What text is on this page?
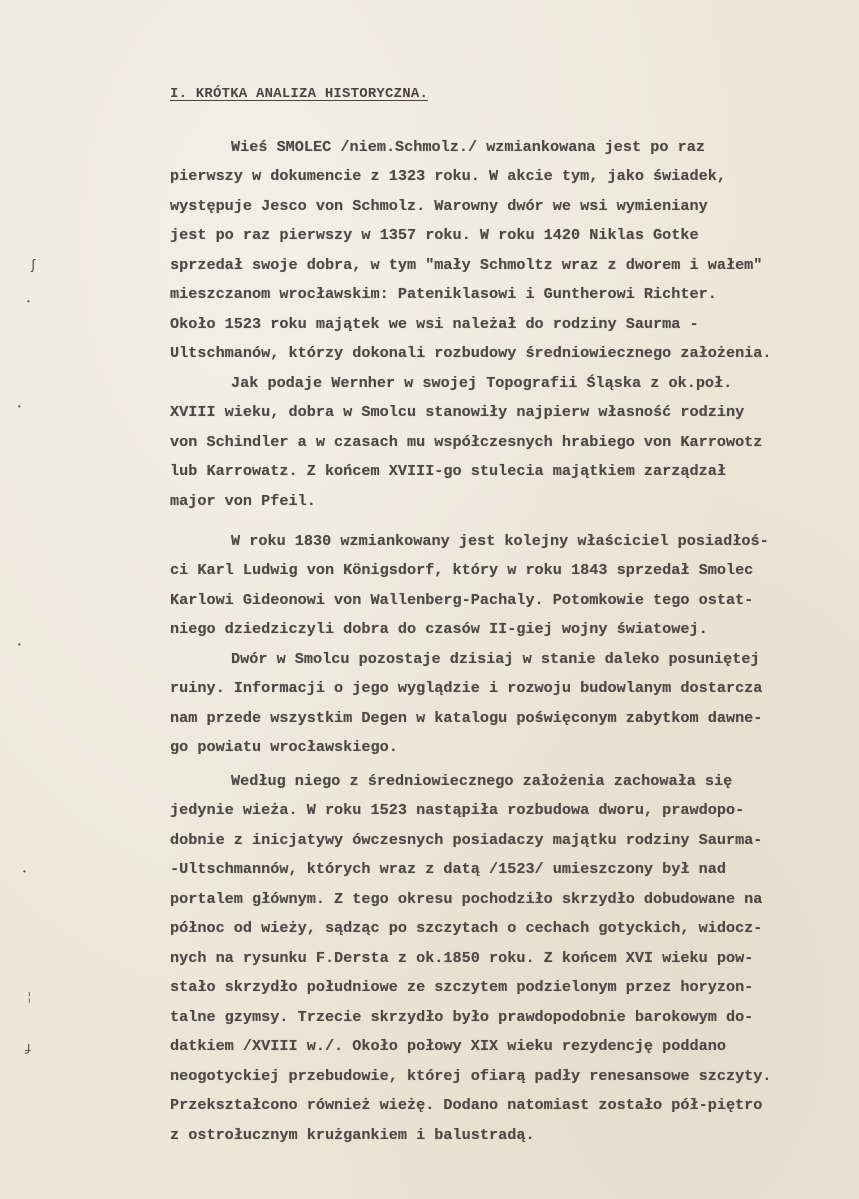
I. KRÓTKA ANALIZA HISTORYCZNA.
Wieś SMOLEC /niem.Schmolz./ wzmiankowana jest po raz
pierwszy w dokumencie z 1323 roku. W akcie tym, jako świadek,
występuje Jesco von Schmolz. Warowny dwór we wsi wymieniany
jest po raz pierwszy w 1357 roku. W roku 1420 Niklas Gotke
sprzedał swoje dobra, w tym "mały Schmoltz wraz z dworem i wałem"
mieszczanom wrocławskim: Pateniklasowi i Guntherowi Richter.
Około 1523 roku majątek we wsi należał do rodziny Saurma -
Ultschmanów, którzy dokonali rozbudowy średniowiecznego założenia.
Jak podaje Wernher w swojej Topografii Śląska z ok.poł.
XVIII wieku, dobra w Smolcu stanowiły najpierw własność rodziny
von Schindler a w czasach mu współczesnych hrabiego von Karrowotz
lub Karrowatz. Z końcem XVIII-go stulecia majątkiem zarządzał
major von Pfeil.
W roku 1830 wzmiankowany jest kolejny właściciel posiadłoś-
ci Karl Ludwig von Königsdorf, który w roku 1843 sprzedał Smolec
Karlowi Gideonowi von Wallenberg-Pachaly. Potomkowie tego ostat-
niego dziedziczyli dobra do czasów II-giej wojny światowej.
Dwór w Smolcu pozostaje dzisiaj w stanie daleko posuniętej
ruiny. Informacji o jego wyglądzie i rozwoju budowlanym dostarcza
nam przede wszystkim Degen w katalogu poświęconym zabytkom dawne-
go powiatu wrocławskiego.
Według niego z średniowiecznego założenia zachowała się
jedynie wieża. W roku 1523 nastąpiła rozbudowa dworu, prawdopo-
dobnie z inicjatywy ówczesnych posiadaczy majątku rodziny Saurma-
-Ultschmannów, których wraz z datą /1523/ umieszczony był nad
portalem głównym. Z tego okresu pochodziło skrzydło dobudowane na
północ od wieży, sądząc po szczytach o cechach gotyckich, widocz-
nych na rysunku F.Dersta z ok.1850 roku. Z końcem XVI wieku pow-
stało skrzydło południowe ze szczytem podzielonym przez horyzon-
talne gzymsy. Trzecie skrzydło było prawdopodobnie barokowym do-
datkiem /XVIII w./. Około połowy XIX wieku rezydencję poddano
neogotyckiej przebudowie, której ofiarą padły renesansowe szczyty.
Przekształcono również wieżę. Dodano natomiast zostało pół-piętro
z ostrołucznym krużgankiem i balustradą.
ʃ
•
•
•
•
¦
ɟ
